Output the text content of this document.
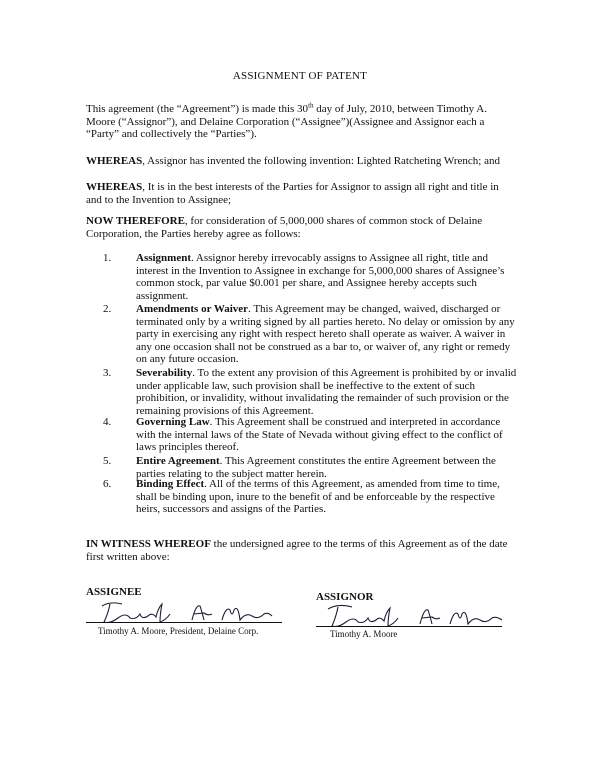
ASSIGNMENT OF PATENT

This agreement (the “Agreement”) is made this 30th day of July, 2010, between Timothy A. Moore (“Assignor”), and Delaine Corporation (“Assignee”)(Assignee and Assignor each a “Party” and collectively the “Parties”).

WHEREAS, Assignor has invented the following invention: Lighted Ratcheting Wrench; and

WHEREAS, It is in the best interests of the Parties for Assignor to assign all right and title in and to the Invention to Assignee;

NOW THEREFORE, for consideration of 5,000,000 shares of common stock of Delaine Corporation, the Parties hereby agree as follows:

1. Assignment. Assignor hereby irrevocably assigns to Assignee all right, title and interest in the Invention to Assignee in exchange for 5,000,000 shares of Assignee’s common stock, par value $0.001 per share, and Assignee hereby accepts such assignment.
2. Amendments or Waiver. This Agreement may be changed, waived, discharged or terminated only by a writing signed by all parties hereto. No delay or omission by any party in exercising any right with respect hereto shall operate as waiver. A waiver in any one occasion shall not be construed as a bar to, or waiver of, any right or remedy on any future occasion.
3. Severability. To the extent any provision of this Agreement is prohibited by or invalid under applicable law, such provision shall be ineffective to the extent of such prohibition, or invalidity, without invalidating the remainder of such provision or the remaining provisions of this Agreement.
4. Governing Law. This Agreement shall be construed and interpreted in accordance with the internal laws of the State of Nevada without giving effect to the conflict of laws principles thereof.
5. Entire Agreement. This Agreement constitutes the entire Agreement between the parties relating to the subject matter herein.
6. Binding Effect. All of the terms of this Agreement, as amended from time to time, shall be binding upon, inure to the benefit of and be enforceable by the respective heirs, successors and assigns of the Parties.

IN WITNESS WHEREOF the undersigned agree to the terms of this Agreement as of the date first written above:

ASSIGNEE	ASSIGNOR
Timothy A. Moore, President, Delaine Corp.	Timothy A. Moore
